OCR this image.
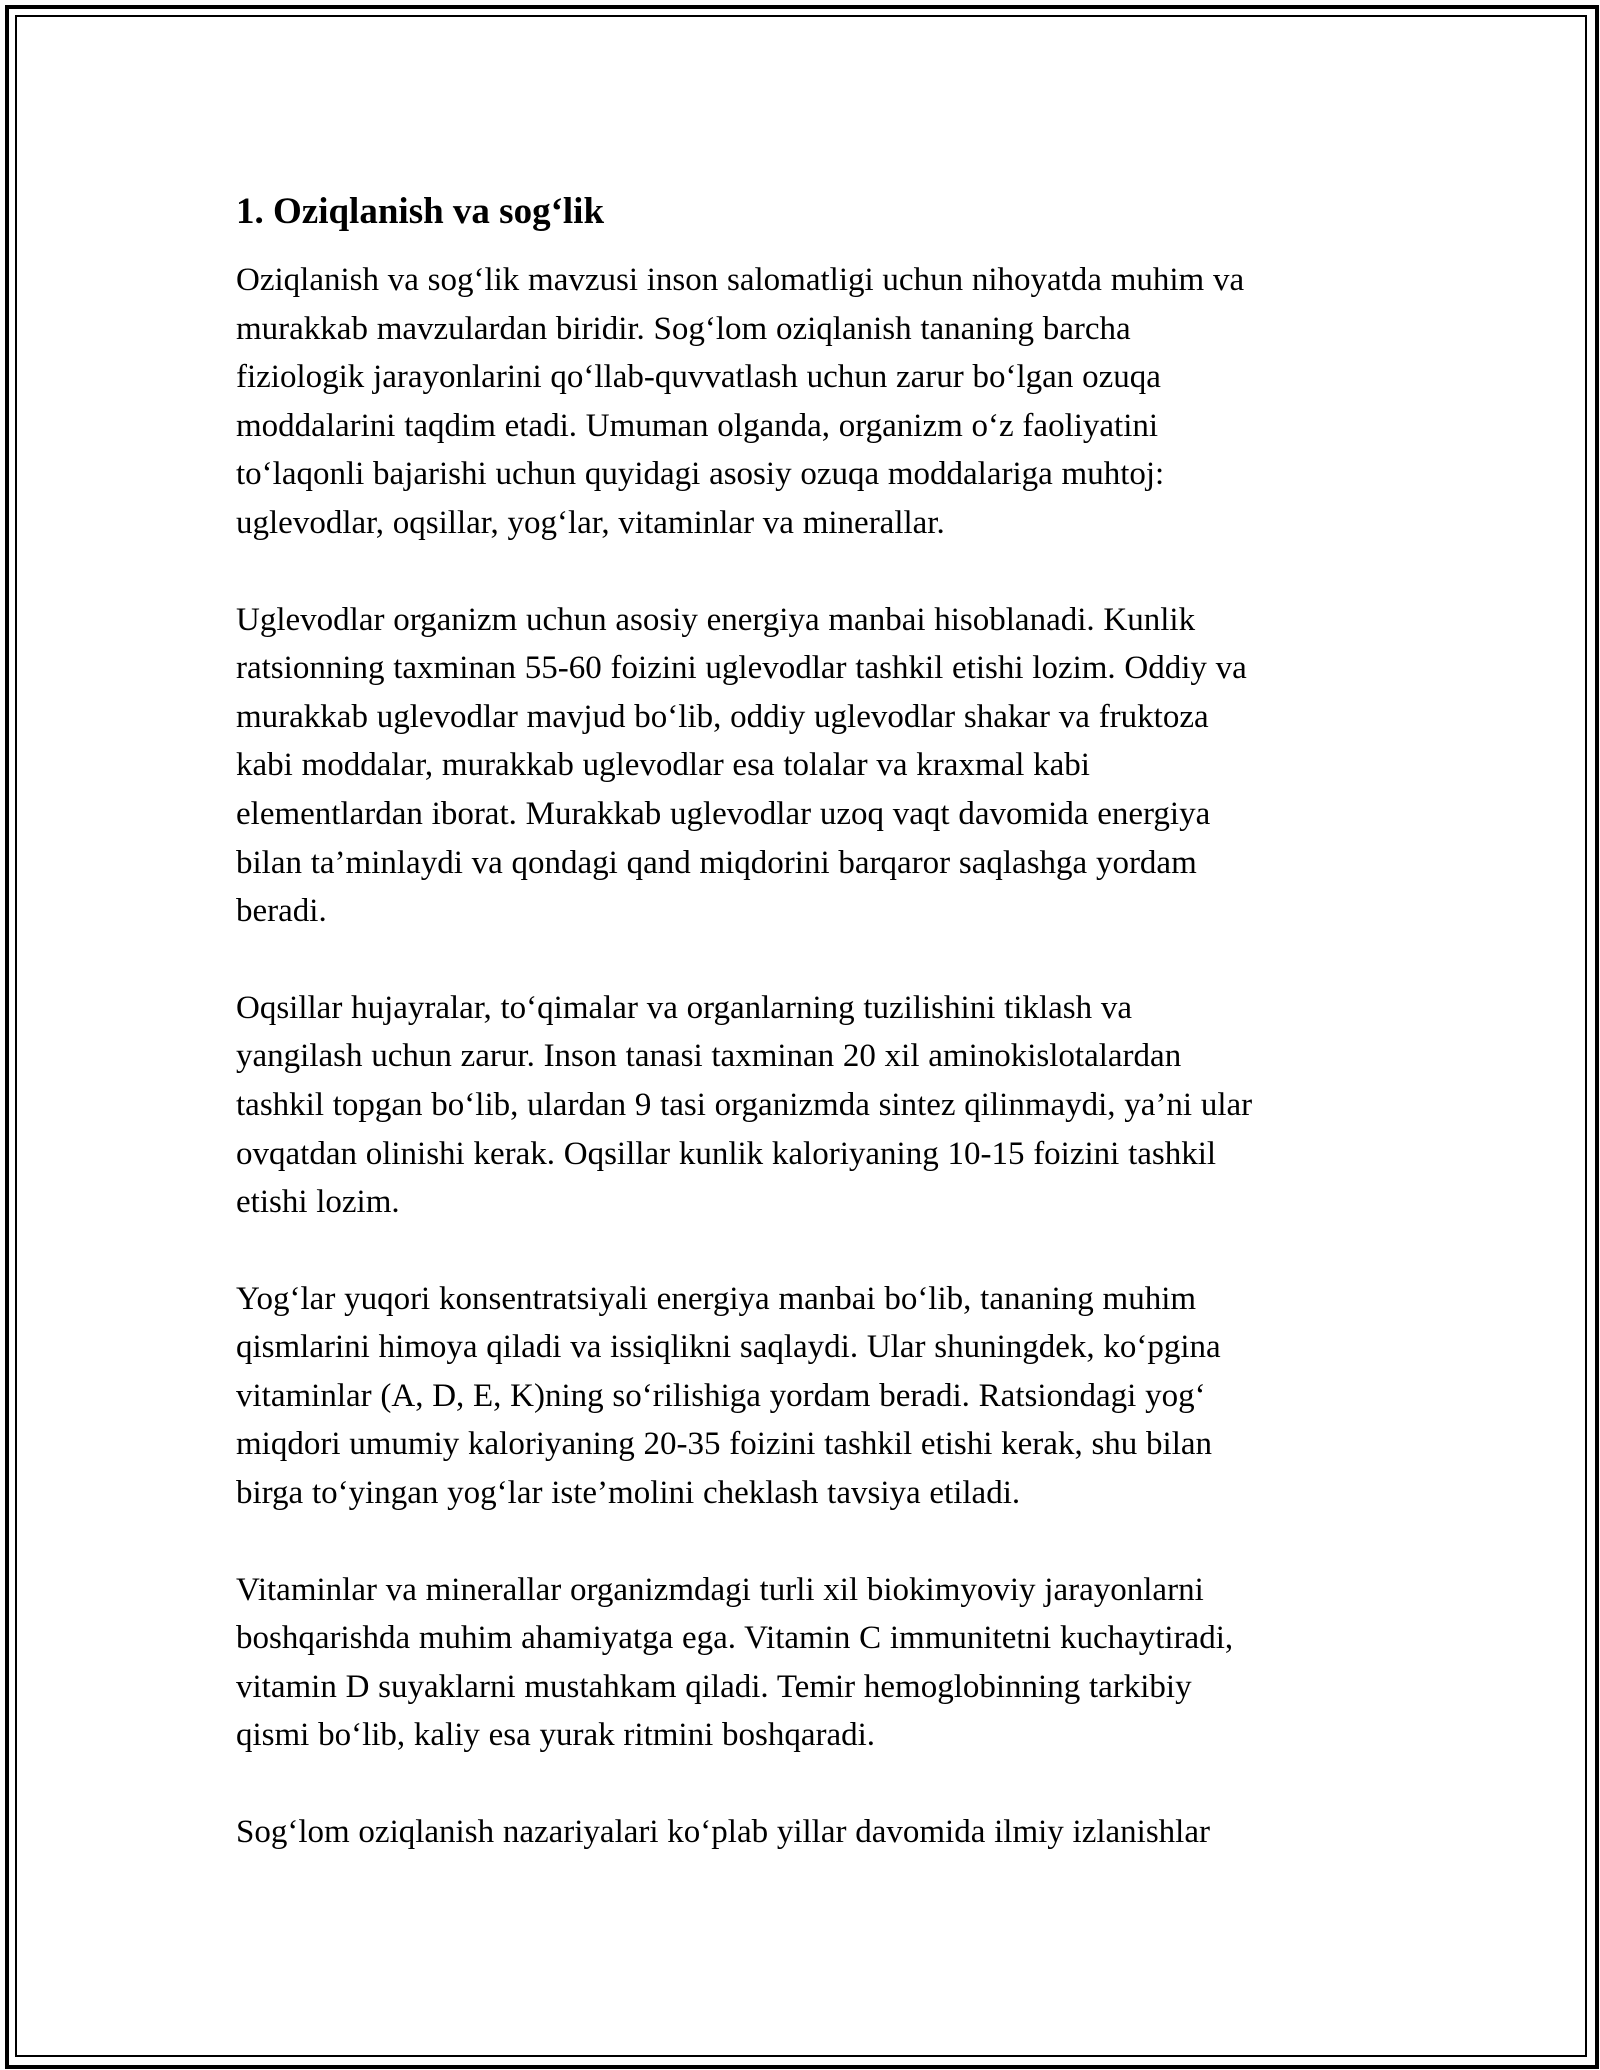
1. Oziqlanish va sog‘lik

Oziqlanish va sog‘lik mavzusi inson salomatligi uchun nihoyatda muhim va
murakkab mavzulardan biridir. Sog‘lom oziqlanish tananing barcha
fiziologik jarayonlarini qo‘llab-quvvatlash uchun zarur bo‘lgan ozuqa
moddalarini taqdim etadi. Umuman olganda, organizm o‘z faoliyatini
to‘laqonli bajarishi uchun quyidagi asosiy ozuqa moddalariga muhtoj:
uglevodlar, oqsillar, yog‘lar, vitaminlar va minerallar.

Uglevodlar organizm uchun asosiy energiya manbai hisoblanadi. Kunlik
ratsionning taxminan 55-60 foizini uglevodlar tashkil etishi lozim. Oddiy va
murakkab uglevodlar mavjud bo‘lib, oddiy uglevodlar shakar va fruktoza
kabi moddalar, murakkab uglevodlar esa tolalar va kraxmal kabi
elementlardan iborat. Murakkab uglevodlar uzoq vaqt davomida energiya
bilan ta’minlaydi va qondagi qand miqdorini barqaror saqlashga yordam
beradi.

Oqsillar hujayralar, to‘qimalar va organlarning tuzilishini tiklash va
yangilash uchun zarur. Inson tanasi taxminan 20 xil aminokislotalardan
tashkil topgan bo‘lib, ulardan 9 tasi organizmda sintez qilinmaydi, ya’ni ular
ovqatdan olinishi kerak. Oqsillar kunlik kaloriyaning 10-15 foizini tashkil
etishi lozim.

Yog‘lar yuqori konsentratsiyali energiya manbai bo‘lib, tananing muhim
qismlarini himoya qiladi va issiqlikni saqlaydi. Ular shuningdek, ko‘pgina
vitaminlar (A, D, E, K)ning so‘rilishiga yordam beradi. Ratsiondagi yog‘
miqdori umumiy kaloriyaning 20-35 foizini tashkil etishi kerak, shu bilan
birga to‘yingan yog‘lar iste’molini cheklash tavsiya etiladi.

Vitaminlar va minerallar organizmdagi turli xil biokimyoviy jarayonlarni
boshqarishda muhim ahamiyatga ega. Vitamin C immunitetni kuchaytiradi,
vitamin D suyaklarni mustahkam qiladi. Temir hemoglobinning tarkibiy
qismi bo‘lib, kaliy esa yurak ritmini boshqaradi.

Sog‘lom oziqlanish nazariyalari ko‘plab yillar davomida ilmiy izlanishlar
